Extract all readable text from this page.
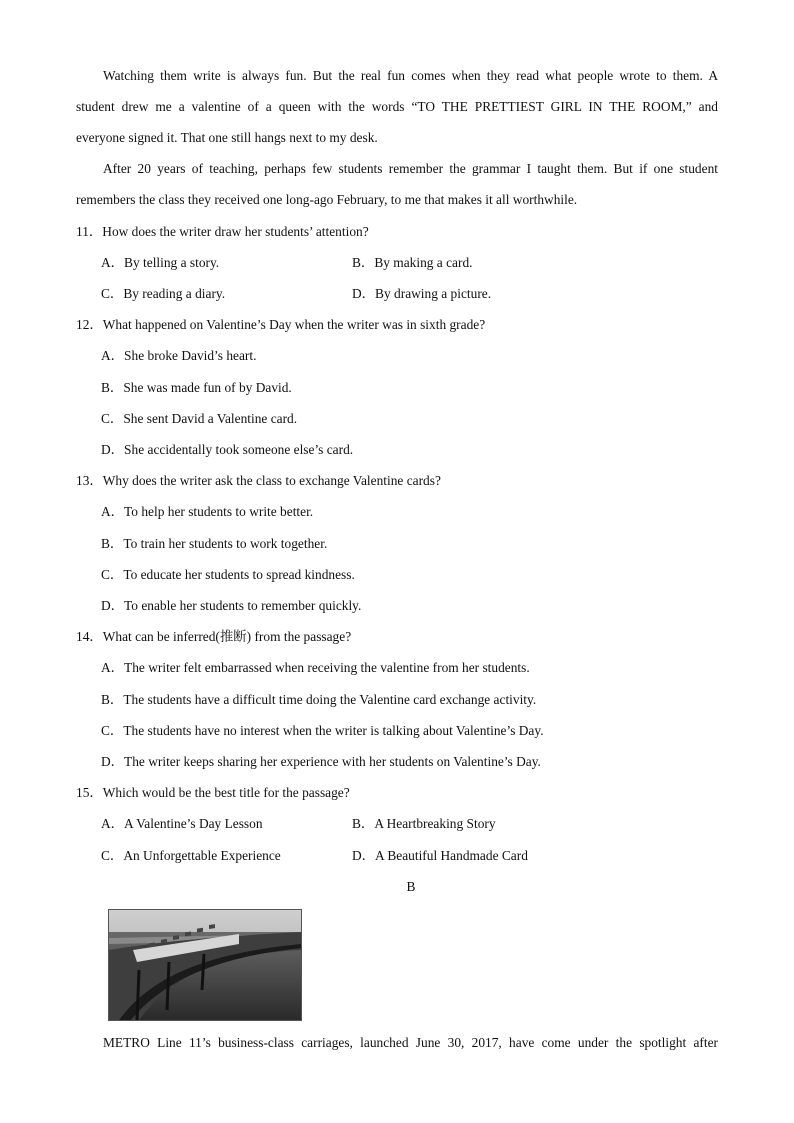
Watching them write is always fun. But the real fun comes when they read what people wrote to them. A
student drew me a valentine of a queen with the words “TO THE PRETTIEST GIRL IN THE ROOM,” and
everyone signed it. That one still hangs next to my desk.
After 20 years of teaching, perhaps few students remember the grammar I taught them. But if one student
remembers the class they received one long-ago February, to me that makes it all worthwhile.
11．How does the writer draw her students’ attention?
A．By telling a story.	B．By making a card.
C．By reading a diary.	D．By drawing a picture.
12．What happened on Valentine’s Day when the writer was in sixth grade?
A．She broke David’s heart.
B．She was made fun of by David.
C．She sent David a Valentine card.
D．She accidentally took someone else’s card.
13．Why does the writer ask the class to exchange Valentine cards?
A．To help her students to write better.
B．To train her students to work together.
C．To educate her students to spread kindness.
D．To enable her students to remember quickly.
14．What can be inferred(推断) from the passage?
A．The writer felt embarrassed when receiving the valentine from her students.
B．The students have a difficult time doing the Valentine card exchange activity.
C．The students have no interest when the writer is talking about Valentine’s Day.
D．The writer keeps sharing her experience with her students on Valentine’s Day.
15．Which would be the best title for the passage?
A．A Valentine’s Day Lesson	B．A Heartbreaking Story
C．An Unforgettable Experience	D．A Beautiful Handmade Card
B
METRO Line 11’s business-class carriages, launched June 30, 2017, have come under the spotlight after
